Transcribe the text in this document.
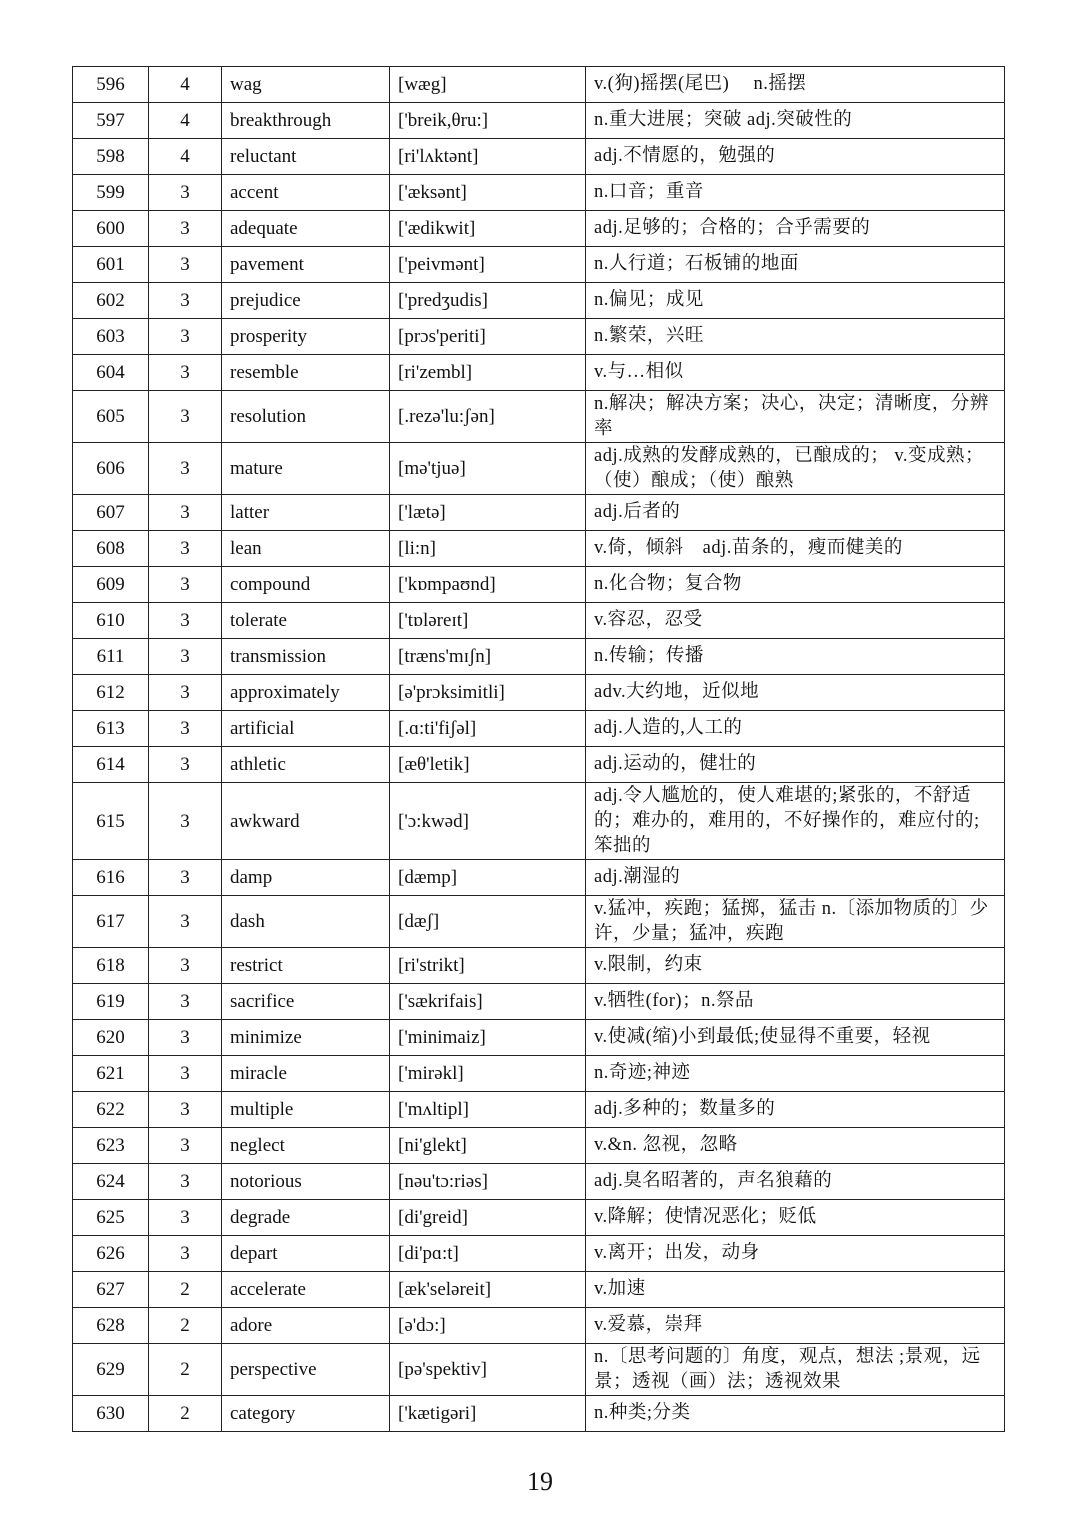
596	4	wag	[wæg]	v.(狗)摇摆(尾巴)　 n.摇摆
597	4	breakthrough	['breik,θru:]	n.重大进展；突破 adj.突破性的
598	4	reluctant	[ri'lʌktənt]	adj.不情愿的，勉强的
599	3	accent	['æksənt]	n.口音；重音
600	3	adequate	['ædikwit]	adj.足够的；合格的；合乎需要的
601	3	pavement	['peivmənt]	n.人行道；石板铺的地面
602	3	prejudice	['predʒudis]	n.偏见；成见
603	3	prosperity	[prɔs'periti]	n.繁荣，兴旺
604	3	resemble	[ri'zembl]	v.与…相似
605	3	resolution	[.rezə'lu:ʃən]	n.解决；解决方案；决心，决定；清晰度，分辨率
606	3	mature	[mə'tjuə]	adj.成熟的发酵成熟的，已酿成的； v.变成熟；（使）酿成；（使）酿熟
607	3	latter	['lætə]	adj.后者的
608	3	lean	[li:n]	v.倚，倾斜　adj.苗条的，瘦而健美的
609	3	compound	['kɒmpaʊnd]	n.化合物；复合物
610	3	tolerate	['tɒləreɪt]	v.容忍，忍受
611	3	transmission	[træns'mɪʃn]	n.传输；传播
612	3	approximately	[ə'prɔksimitli]	adv.大约地，近似地
613	3	artificial	[.ɑ:ti'fiʃəl]	adj.人造的,人工的
614	3	athletic	[æθ'letik]	adj.运动的，健壮的
615	3	awkward	['ɔ:kwəd]	adj.令人尴尬的，使人难堪的;紧张的，不舒适的；难办的，难用的，不好操作的，难应付的;笨拙的
616	3	damp	[dæmp]	adj.潮湿的
617	3	dash	[dæʃ]	v.猛冲，疾跑；猛掷，猛击 n.〔添加物质的〕少许，少量；猛冲，疾跑
618	3	restrict	[ri'strikt]	v.限制，约束
619	3	sacrifice	['sækrifais]	v.牺牲(for)；n.祭品
620	3	minimize	['minimaiz]	v.使减(缩)小到最低;使显得不重要，轻视
621	3	miracle	['mirəkl]	n.奇迹;神迹
622	3	multiple	['mʌltipl]	adj.多种的；数量多的
623	3	neglect	[ni'glekt]	v.&n. 忽视，忽略
624	3	notorious	[nəu'tɔ:riəs]	adj.臭名昭著的，声名狼藉的
625	3	degrade	[di'greid]	v.降解；使情况恶化；贬低
626	3	depart	[di'pɑ:t]	v.离开；出发，动身
627	2	accelerate	[æk'seləreit]	v.加速
628	2	adore	[ə'dɔ:]	v.爱慕，崇拜
629	2	perspective	[pə'spektiv]	n.〔思考问题的〕角度，观点，想法 ;景观，远景；透视（画）法；透视效果
630	2	category	['kætigəri]	n.种类;分类
19
